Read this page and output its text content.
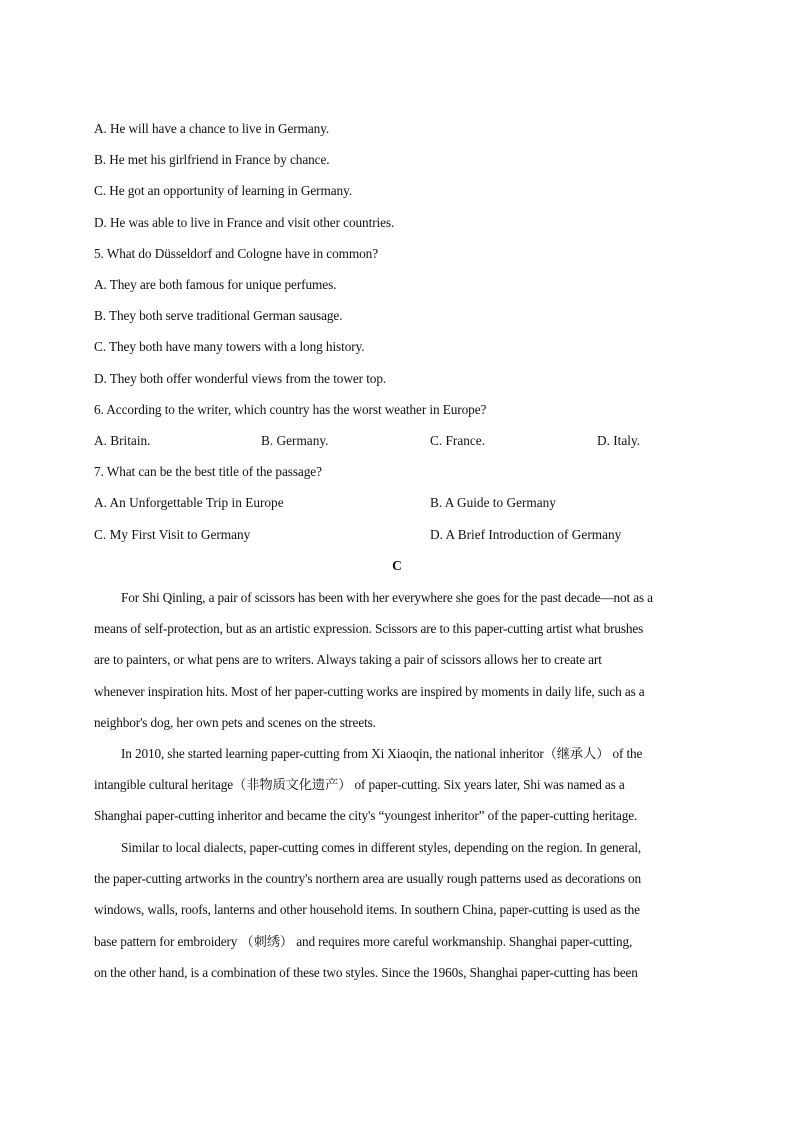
A. He will have a chance to live in Germany.
B. He met his girlfriend in France by chance.
C. He got an opportunity of learning in Germany.
D. He was able to live in France and visit other countries.
5. What do Düsseldorf and Cologne have in common?
A. They are both famous for unique perfumes.
B. They both serve traditional German sausage.
C. They both have many towers with a long history.
D. They both offer wonderful views from the tower top.
6. According to the writer, which country has the worst weather in Europe?
A. Britain.	B. Germany.	C. France.	D. Italy.
7. What can be the best title of the passage?
A. An Unforgettable Trip in Europe	B. A Guide to Germany
C. My First Visit to Germany	D. A Brief Introduction of Germany
C
For Shi Qinling, a pair of scissors has been with her everywhere she goes for the past decade—not as a
means of self-protection, but as an artistic expression. Scissors are to this paper-cutting artist what brushes
are to painters, or what pens are to writers. Always taking a pair of scissors allows her to create art
whenever inspiration hits. Most of her paper-cutting works are inspired by moments in daily life, such as a
neighbor's dog, her own pets and scenes on the streets.
In 2010, she started learning paper-cutting from Xi Xiaoqin, the national inheritor（继承人） of the
intangible cultural heritage（非物质文化遗产） of paper-cutting. Six years later, Shi was named as a
Shanghai paper-cutting inheritor and became the city's “youngest inheritor” of the paper-cutting heritage.
Similar to local dialects, paper-cutting comes in different styles, depending on the region. In general,
the paper-cutting artworks in the country's northern area are usually rough patterns used as decorations on
windows, walls, roofs, lanterns and other household items. In southern China, paper-cutting is used as the
base pattern for embroidery （刺绣） and requires more careful workmanship. Shanghai paper-cutting,
on the other hand, is a combination of these two styles. Since the 1960s, Shanghai paper-cutting has been
